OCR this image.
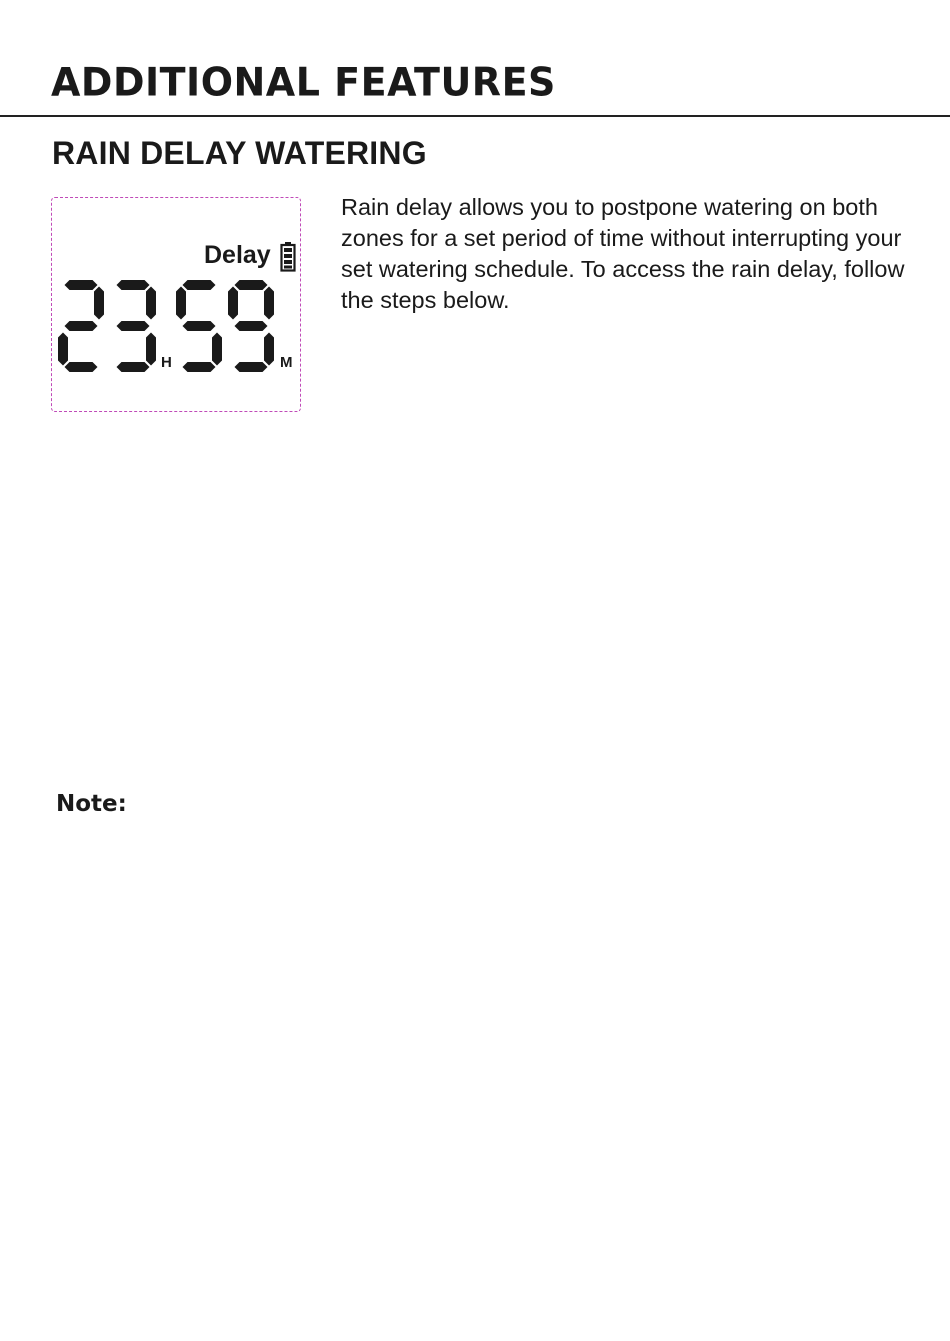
ADDITIONAL FEATURES
RAIN DELAY WATERING
Delay
H	M

Rain delay allows you to postpone watering on both zones for a set period of time without interrupting your set watering schedule. To access the rain delay, follow the steps below.

Note:
